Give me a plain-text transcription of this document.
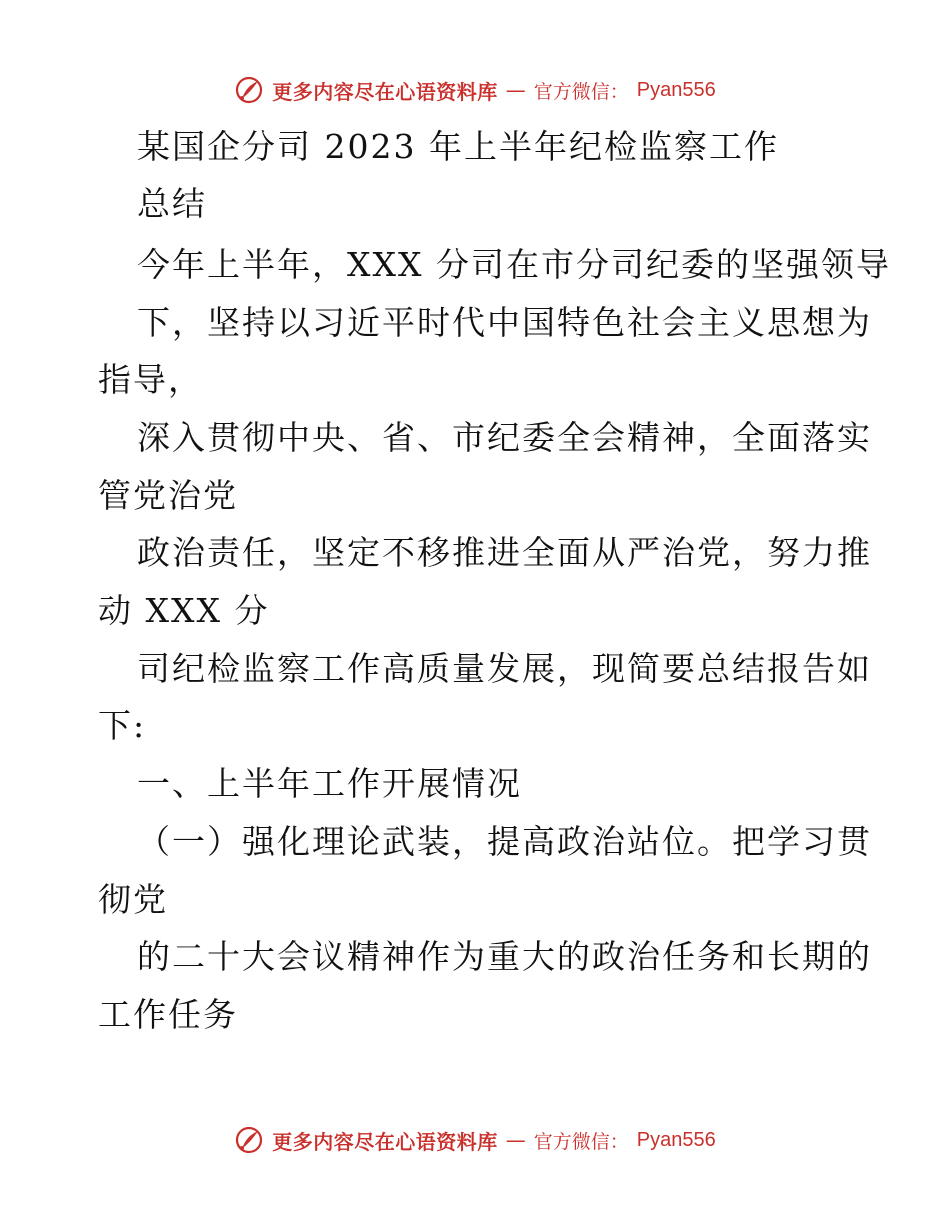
更多内容尽在心语资料库 — 官方微信： Pyan556
某国企分司 2023 年上半年纪检监察工作
总结
今年上半年，XXX 分司在市分司纪委的坚强领导
下，坚持以习近平时代中国特色社会主义思想为
指导，
深入贯彻中央、省、市纪委全会精神，全面落实
管党治党
政治责任，坚定不移推进全面从严治党，努力推
动 XXX 分
司纪检监察工作高质量发展，现简要总结报告如
下:
一、上半年工作开展情况
（一）强化理论武装，提高政治站位。把学习贯
彻党
的二十大会议精神作为重大的政治任务和长期的
工作任务
更多内容尽在心语资料库 — 官方微信： Pyan556
